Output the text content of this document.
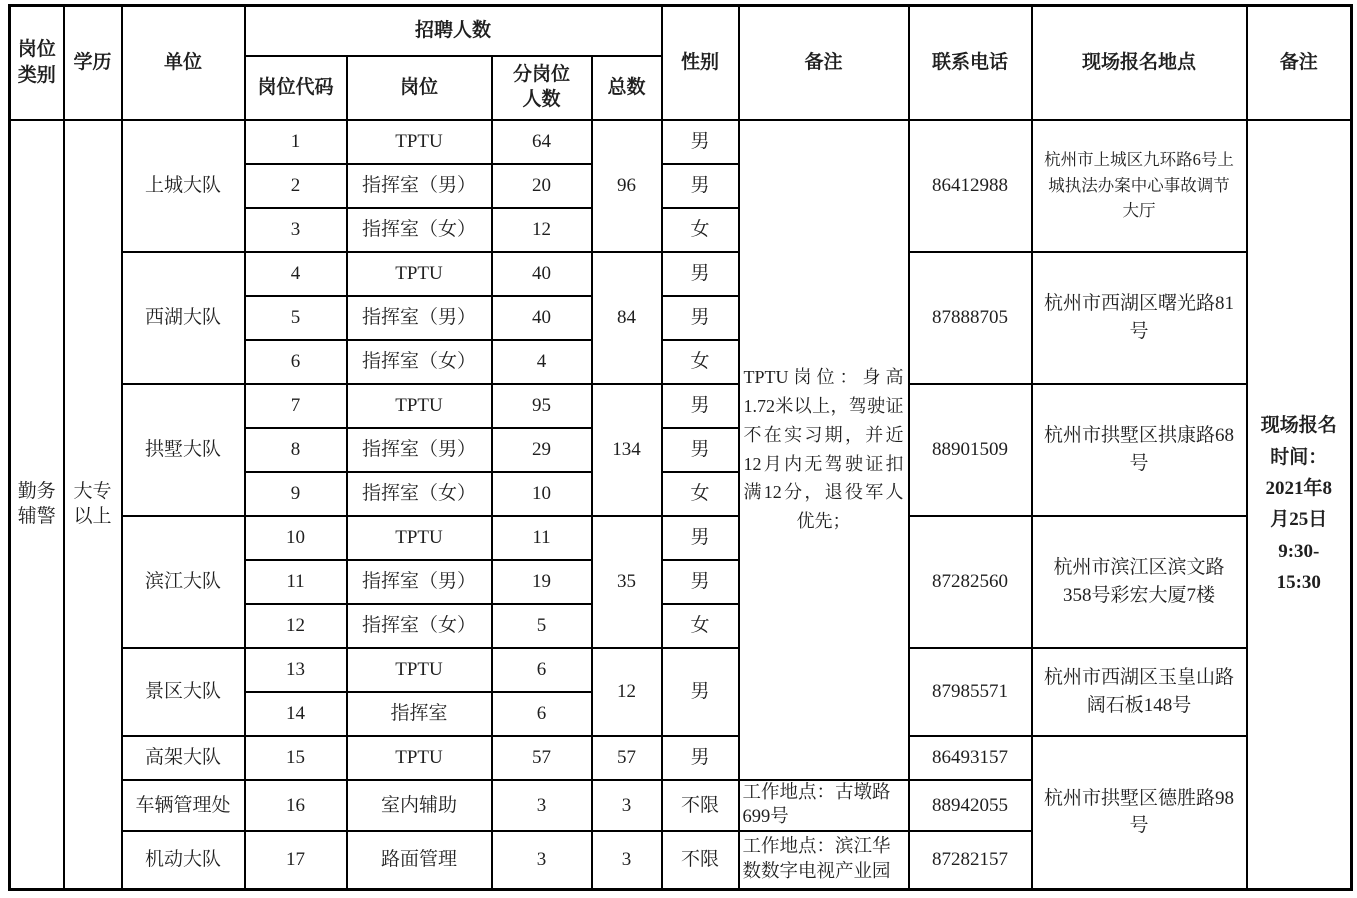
岗位类别	学历	单位	招聘人数				性别	备注	联系电话	现场报名地点	备注
			岗位代码	岗位	分岗位人数	总数					
勤务辅警	大专以上	上城大队	1	TPTU	64	96	男	TPTU岗位：身高1.72米以上，驾驶证不在实习期，并近12月内无驾驶证扣满12分，退役军人优先；	86412988	杭州市上城区九环路6号上城执法办案中心事故调节大厅	现场报名时间：2021年8月25日9:30-15:30
			2	指挥室（男）	20		男				
			3	指挥室（女）	12		女				
		西湖大队	4	TPTU	40	84	男		87888705	杭州市西湖区曙光路81号	
			5	指挥室（男）	40		男				
			6	指挥室（女）	4		女				
		拱墅大队	7	TPTU	95	134	男		88901509	杭州市拱墅区拱康路68号	
			8	指挥室（男）	29		男				
			9	指挥室（女）	10		女				
		滨江大队	10	TPTU	11	35	男		87282560	杭州市滨江区滨文路358号彩宏大厦7楼	
			11	指挥室（男）	19		男				
			12	指挥室（女）	5		女				
		景区大队	13	TPTU	6	12	男		87985571	杭州市西湖区玉皇山路阔石板148号	
			14	指挥室	6						
		高架大队	15	TPTU	57	57	男		86493157	杭州市拱墅区德胜路98号	
		车辆管理处	16	室内辅助	3	3	不限	工作地点：古墩路699号	88942055		
		机动大队	17	路面管理	3	3	不限	工作地点：滨江华数数字电视产业园	87282157		
